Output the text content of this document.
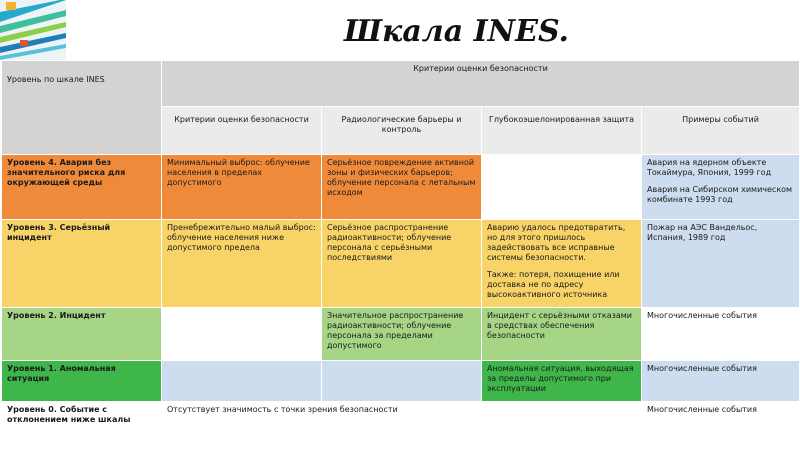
Шкала INES.
Уровень по шкале INES	Критерии оценки безопасности			
	Критерии оценки безопасности	Радиологические барьеры и контроль	Глубокоэшелонированная защита	Примеры событий
Уровень 4. Авария без значительного риска для окружающей среды	Минимальный выброс: облучение населения в пределах допустимого	Серьёзное повреждение активной зоны и физических барьеров; облучение персонала с летальным исходом		Авария на ядерном объекте Токаймура, Япония, 1999 год

Авария на Сибирском химическом комбинате 1993 год

Уровень 3. Серьёзный инцидент	Пренебрежительно малый выброс: облучение населения ниже допустимого предела	Серьёзное распространение радиоактивности; облучение персонала с серьёзными последствиями	Аварию удалось предотвратить, но для этого пришлось задействовать все исправные системы безопасности.

Также: потеря, похищение или доставка не по адресу высокоактивного источника	Пожар на АЭС Вандельос, Испания, 1989 год

Уровень 2. Инцидент		Значительное распространение радиоактивности; облучение персонала за пределами допустимого	Инцидент с серьёзными отказами в средствах обеспечения безопасности	Многочисленные события

Уровень 1. Аномальная ситуация			Аномальная ситуация, выходящая за пределы допустимого при эксплуатации	Многочисленные события

Уровень 0. Событие с отклонением ниже шкалы	Отсутствует значимость с точки зрения безопасности			Многочисленные события
